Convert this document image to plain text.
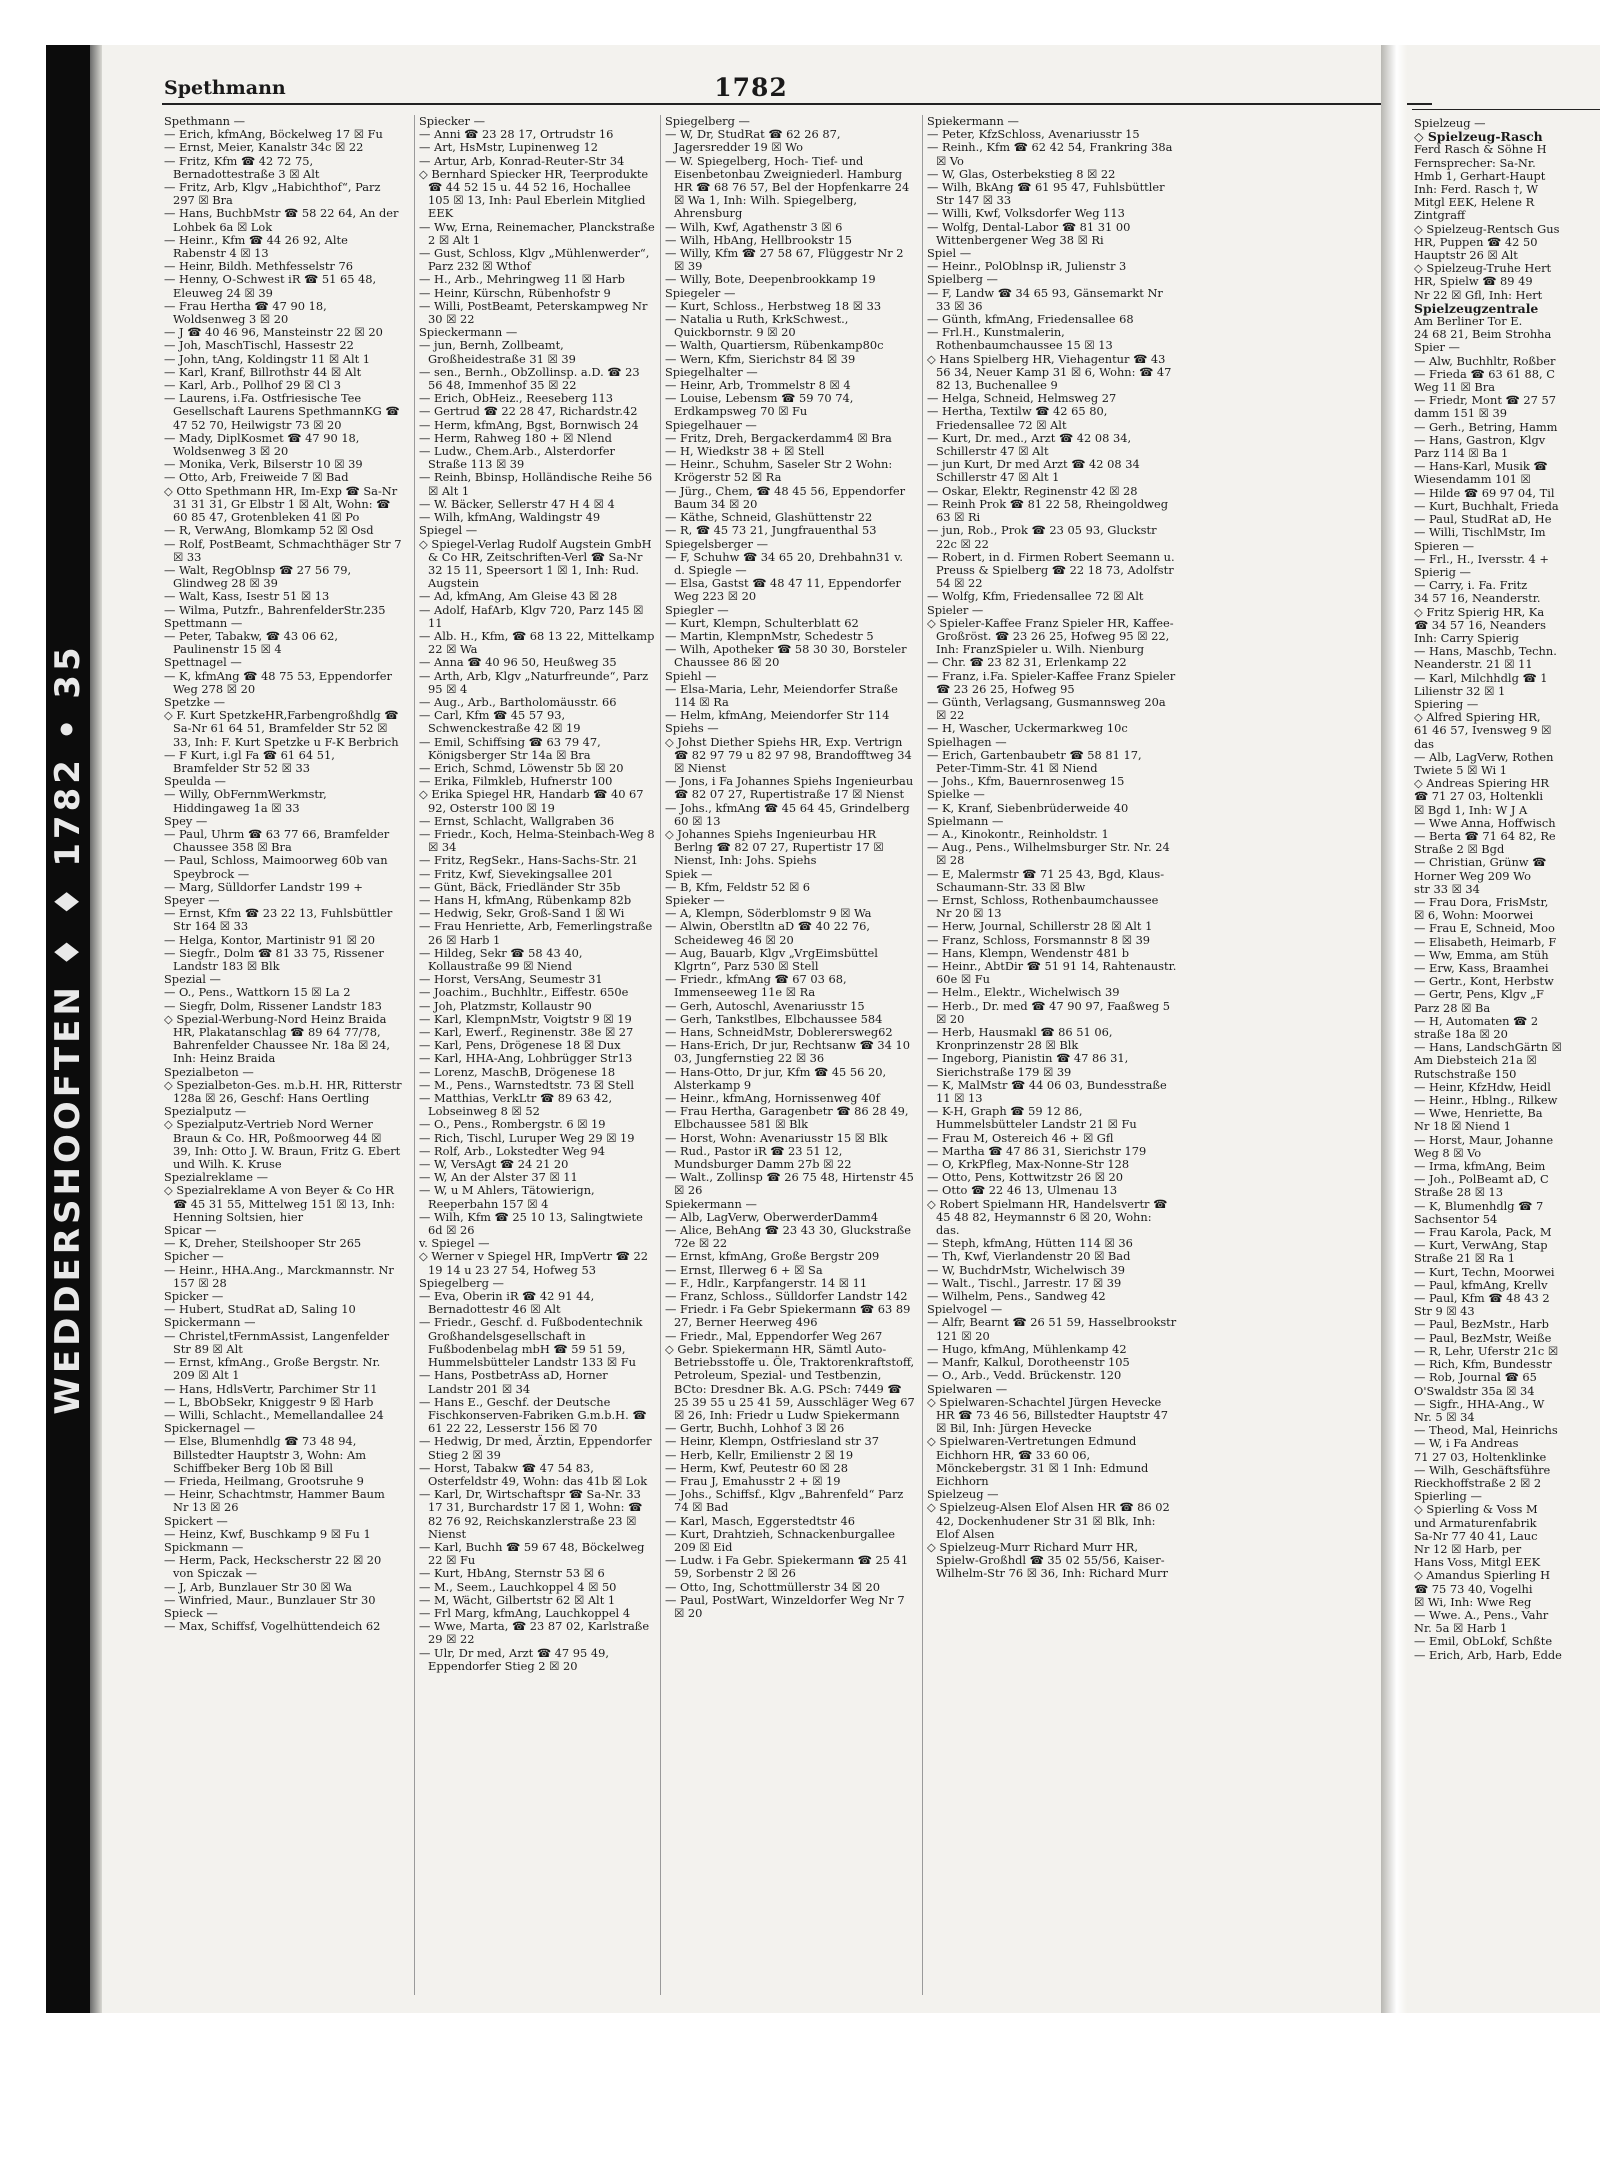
WEDDERSHOOFTEN ♦ ♦ 1782 • 35
Spethmann	1782

Spethmann —

— Erich, kfmAng, Böckelweg 17 ☒ Fu

— Ernst, Meier, Kanalstr 34c ☒ 22

— Fritz, Kfm ☎ 42 72 75, Bernadottestraße 3 ☒ Alt

— Fritz, Arb, Klgv „Habichthof“, Parz 297 ☒ Bra

— Hans, BuchbMstr ☎ 58 22 64, An der Lohbek 6a ☒ Lok

— Heinr., Kfm ☎ 44 26 92, Alte Rabenstr 4 ☒ 13

— Heinr, Bildh. Methfesselstr 76

— Henny, O-Schwest iR ☎ 51 65 48, Eleuweg 24 ☒ 39

— Frau Hertha ☎ 47 90 18, Woldsenweg 3 ☒ 20

— J ☎ 40 46 96, Mansteinstr 22 ☒ 20

— Joh, MaschTischl, Hassestr 22

— John, tAng, Koldingstr 11 ☒ Alt 1

— Karl, Kranf, Billrothstr 44 ☒ Alt

— Karl, Arb., Pollhof 29 ☒ Cl 3

— Laurens, i.Fa. Ostfriesische Tee Gesellschaft Laurens SpethmannKG ☎ 47 52 70, Heilwigstr 73 ☒ 20

— Mady, DiplKosmet ☎ 47 90 18, Woldsenweg 3 ☒ 20

— Monika, Verk, Bilserstr 10 ☒ 39

— Otto, Arb, Freiweide 7 ☒ Bad

◇ Otto Spethmann HR, Im-Exp ☎ Sa-Nr 31 31 31, Gr Elbstr 1 ☒ Alt, Wohn: ☎ 60 85 47, Grotenbleken 41 ☒ Po

— R, VerwAng, Blomkamp 52 ☒ Osd

— Rolf, PostBeamt, Schmachthäger Str 7 ☒ 33

— Walt, RegOblnsp ☎ 27 56 79, Glindweg 28 ☒ 39

— Walt, Kass, Isestr 51 ☒ 13

— Wilma, Putzfr., BahrenfelderStr.235

Spettmann —

— Peter, Tabakw, ☎ 43 06 62, Paulinenstr 15 ☒ 4

Spettnagel —

— K, kfmAng ☎ 48 75 53, Eppendorfer Weg 278 ☒ 20

Spetzke —

◇ F. Kurt SpetzkeHR,Farbengroßhdlg ☎ Sa-Nr 61 64 51, Bramfelder Str 52 ☒ 33, Inh: F. Kurt Spetzke u F-K Berbrich

— F Kurt, i.gl Fa ☎ 61 64 51, Bramfelder Str 52 ☒ 33

Speulda —

— Willy, ObFernmWerkmstr, Hiddingaweg 1a ☒ 33

Spey —

— Paul, Uhrm ☎ 63 77 66, Bramfelder Chaussee 358 ☒ Bra

— Paul, Schloss, Maimoorweg 60b van Speybrock —

— Marg, Sülldorfer Landstr 199 +

Speyer —

— Ernst, Kfm ☎ 23 22 13, Fuhlsbüttler Str 164 ☒ 33

— Helga, Kontor, Martinistr 91 ☒ 20

— Siegfr., Dolm ☎ 81 33 75, Rissener Landstr 183 ☒ Blk

Spezial —

— O., Pens., Wattkorn 15 ☒ La 2

— Siegfr, Dolm, Rissener Landstr 183

◇ Spezial-Werbung-Nord Heinz Braida HR, Plakatanschlag ☎ 89 64 77/78, Bahrenfelder Chaussee Nr. 18a ☒ 24, Inh: Heinz Braida

Spezialbeton —

◇ Spezialbeton-Ges. m.b.H. HR, Ritterstr 128a ☒ 26, Geschf: Hans Oertling

Spezialputz —

◇ Spezialputz-Vertrieb Nord Werner Braun & Co. HR, Poßmoorweg 44 ☒ 39, Inh: Otto J. W. Braun, Fritz G. Ebert und Wilh. K. Kruse

Spezialreklame —

◇ Spezialreklame A von Beyer & Co HR ☎ 45 31 55, Mittelweg 151 ☒ 13, Inh: Henning Soltsien, hier

Spicar —

— K, Dreher, Steilshooper Str 265

Spicher —

— Heinr., HHA.Ang., Marckmannstr. Nr 157 ☒ 28

Spicker —

— Hubert, StudRat aD, Saling 10

Spickermann —

— Christel,tFernmAssist, Langenfelder Str 89 ☒ Alt

— Ernst, kfmAng., Große Bergstr. Nr. 209 ☒ Alt 1

— Hans, HdlsVertr, Parchimer Str 11

— L, BbObSekr, Kniggestr 9 ☒ Harb

— Willi, Schlacht., Memellandallee 24

Spickernagel —

— Else, Blumenhdlg ☎ 73 48 94, Billstedter Hauptstr 3, Wohn: Am Schiffbeker Berg 10b ☒ Bill

— Frieda, Heilmang, Grootsruhe 9

— Heinr, Schachtmstr, Hammer Baum Nr 13 ☒ 26

Spickert —

— Heinz, Kwf, Buschkamp 9 ☒ Fu 1

Spickmann —

— Herm, Pack, Heckscherstr 22 ☒ 20 von Spiczak —

— J, Arb, Bunzlauer Str 30 ☒ Wa

— Winfried, Maur., Bunzlauer Str 30

Spieck —

— Max, Schiffsf, Vogelhüttendeich 62

Spiecker —

— Anni ☎ 23 28 17, Ortrudstr 16

— Art, HsMstr, Lupinenweg 12

— Artur, Arb, Konrad-Reuter-Str 34

◇ Bernhard Spiecker HR, Teerprodukte ☎ 44 52 15 u. 44 52 16, Hochallee 105 ☒ 13, Inh: Paul Eberlein Mitglied EEK

— Ww, Erna, Reinemacher, Planckstraße 2 ☒ Alt 1

— Gust, Schloss, Klgv „Mühlenwerder“, Parz 232 ☒ Wthof

— H., Arb., Mehringweg 11 ☒ Harb

— Heinr, Kürschn, Rübenhofstr 9

— Willi, PostBeamt, Peterskampweg Nr 30 ☒ 22

Spieckermann —

— jun, Bernh, Zollbeamt, Großheidestraße 31 ☒ 39

— sen., Bernh., ObZollinsp. a.D. ☎ 23 56 48, Immenhof 35 ☒ 22

— Erich, ObHeiz., Reeseberg 113

— Gertrud ☎ 22 28 47, Richardstr.42

— Herm, kfmAng, Bgst, Bornwisch 24

— Herm, Rahweg 180 + ☒ Nlend

— Ludw., Chem.Arb., Alsterdorfer Straße 113 ☒ 39

— Reinh, Bbinsp, Holländische Reihe 56 ☒ Alt 1

— W. Bäcker, Sellerstr 47 H 4 ☒ 4

— Wilh, kfmAng, Waldingstr 49

Spiegel —

◇ Spiegel-Verlag Rudolf Augstein GmbH & Co HR, Zeitschriften-Verl ☎ Sa-Nr 32 15 11, Speersort 1 ☒ 1, Inh: Rud. Augstein

— Ad, kfmAng, Am Gleise 43 ☒ 28

— Adolf, HafArb, Klgv 720, Parz 145 ☒ 11

— Alb. H., Kfm, ☎ 68 13 22, Mittelkamp 22 ☒ Wa

— Anna ☎ 40 96 50, Heußweg 35

— Arth, Arb, Klgv „Naturfreunde“, Parz 95 ☒ 4

— Aug., Arb., Bartholomäusstr. 66

— Carl, Kfm ☎ 45 57 93, Schwenckestraße 42 ☒ 19

— Emil, Schiffsing ☎ 63 79 47, Königsberger Str 14a ☒ Bra

— Erich, Schmd, Löwenstr 5b ☒ 20

— Erika, Filmkleb, Hufnerstr 100

◇ Erika Spiegel HR, Handarb ☎ 40 67 92, Osterstr 100 ☒ 19

— Ernst, Schlacht, Wallgraben 36

— Friedr., Koch, Helma-Steinbach-Weg 8 ☒ 34

— Fritz, RegSekr., Hans-Sachs-Str. 21

— Fritz, Kwf, Sievekingsallee 201

— Günt, Bäck, Friedländer Str 35b

— Hans H, kfmAng, Rübenkamp 82b

— Hedwig, Sekr, Groß-Sand 1 ☒ Wi

— Frau Henriette, Arb, Femerlingstraße 26 ☒ Harb 1

— Hildeg, Sekr ☎ 58 43 40, Kollaustraße 99 ☒ Niend

— Horst, VersAng, Seumestr 31

— Joachim., Buchhltr., Eiffestr. 650e

— Joh, Platzmstr, Kollaustr 90

— Karl, KlempnMstr, Voigtstr 9 ☒ 19

— Karl, Ewerf., Reginenstr. 38e ☒ 27

— Karl, Pens, Drögenese 18 ☒ Dux

— Karl, HHA-Ang, Lohbrügger Str13

— Lorenz, MaschB, Drögenese 18

— M., Pens., Warnstedtstr. 73 ☒ Stell

— Matthias, VerkLtr ☎ 89 63 42, Lobseinweg 8 ☒ 52

— O., Pens., Rombergstr. 6 ☒ 19

— Rich, Tischl, Luruper Weg 29 ☒ 19

— Rolf, Arb., Lokstedter Weg 94

— W, VersAgt ☎ 24 21 20

— W, An der Alster 37 ☒ 11

— W, u M Ahlers, Tätowierign, Reeperbahn 157 ☒ 4

— Wilh, Kfm ☎ 25 10 13, Salingtwiete 6d ☒ 26

v. Spiegel —

◇ Werner v Spiegel HR, ImpVertr ☎ 22 19 14 u 23 27 54, Hofweg 53

Spiegelberg —

— Eva, Oberin iR ☎ 42 91 44, Bernadottestr 46 ☒ Alt

— Friedr., Geschf. d. Fußbodentechnik Großhandelsgesellschaft in Fußbodenbelag mbH ☎ 59 51 59, Hummelsbütteler Landstr 133 ☒ Fu

— Hans, PostbetrAss aD, Horner Landstr 201 ☒ 34

— Hans E., Geschf. der Deutsche Fischkonserven-Fabriken G.m.b.H. ☎ 61 22 22, Lesserstr 156 ☒ 70

— Hedwig, Dr med, Ärztin, Eppendorfer Stieg 2 ☒ 39

— Horst, Tabakw ☎ 47 54 83, Osterfeldstr 49, Wohn: das 41b ☒ Lok

— Karl, Dr, Wirtschaftspr ☎ Sa-Nr. 33 17 31, Burchardstr 17 ☒ 1, Wohn: ☎ 82 76 92, Reichskanzlerstraße 23 ☒ Nienst

— Karl, Buchh ☎ 59 67 48, Böckelweg 22 ☒ Fu

— Kurt, HbAng, Sternstr 53 ☒ 6

— M., Seem., Lauchkoppel 4 ☒ 50

— M, Wächt, Gilbertstr 62 ☒ Alt 1

— Frl Marg, kfmAng, Lauchkoppel 4

— Wwe, Marta, ☎ 23 87 02, Karlstraße 29 ☒ 22

— Ulr, Dr med, Arzt ☎ 47 95 49, Eppendorfer Stieg 2 ☒ 20

Spiegelberg —

— W, Dr, StudRat ☎ 62 26 87, Jagersredder 19 ☒ Wo

— W. Spiegelberg, Hoch- Tief- und Eisenbetonbau Zweigniederl. Hamburg HR ☎ 68 76 57, Bel der Hopfenkarre 24 ☒ Wa 1, Inh: Wilh. Spiegelberg, Ahrensburg

— Wilh, Kwf, Agathenstr 3 ☒ 6

— Wilh, HbAng, Hellbrookstr 15

— Willy, Kfm ☎ 27 58 67, Flüggestr Nr 2 ☒ 39

— Willy, Bote, Deepenbrookkamp 19

Spiegeler —

— Kurt, Schloss., Herbstweg 18 ☒ 33

— Natalia u Ruth, KrkSchwest., Quickbornstr. 9 ☒ 20

— Walth, Quartiersm, Rübenkamp80c

— Wern, Kfm, Sierichstr 84 ☒ 39

Spiegelhalter —

— Heinr, Arb, Trommelstr 8 ☒ 4

— Louise, Lebensm ☎ 59 70 74, Erdkampsweg 70 ☒ Fu

Spiegelhauer —

— Fritz, Dreh, Bergackerdamm4 ☒ Bra

— H, Wiedkstr 38 + ☒ Stell

— Heinr., Schuhm, Saseler Str 2 Wohn: Krögerstr 52 ☒ Ra

— Jürg., Chem, ☎ 48 45 56, Eppendorfer Baum 34 ☒ 20

— Käthe, Schneid, Glashüttenstr 22

— R, ☎ 45 73 21, Jungfrauenthal 53

Spiegelsberger —

— F, Schuhw ☎ 34 65 20, Drehbahn31 v. d. Spiegle —

— Elsa, Gastst ☎ 48 47 11, Eppendorfer Weg 223 ☒ 20

Spiegler —

— Kurt, Klempn, Schulterblatt 62

— Martin, KlempnMstr, Schedestr 5

— Wilh, Apotheker ☎ 58 30 30, Borsteler Chaussee 86 ☒ 20

Spiehl —

— Elsa-Maria, Lehr, Meiendorfer Straße 114 ☒ Ra

— Helm, kfmAng, Meiendorfer Str 114

Spiehs —

◇ Johst Diether Spiehs HR, Exp. Vertrign ☎ 82 97 79 u 82 97 98, Brandofftweg 34 ☒ Nienst

— Jons, i Fa Johannes Spiehs Ingenieurbau ☎ 82 07 27, Rupertistraße 17 ☒ Nienst

— Johs., kfmAng ☎ 45 64 45, Grindelberg 60 ☒ 13

◇ Johannes Spiehs Ingenieurbau HR Berlng ☎ 82 07 27, Rupertistr 17 ☒ Nienst, Inh: Johs. Spiehs

Spiek —

— B, Kfm, Feldstr 52 ☒ 6

Spieker —

— A, Klempn, Söderblomstr 9 ☒ Wa

— Alwin, Oberstltn aD ☎ 40 22 76, Scheideweg 46 ☒ 20

— Aug, Bauarb, Klgv „VrgEimsbüttel Klgrtn“, Parz 530 ☒ Stell

— Friedr., kfmAng ☎ 67 03 68, Immenseeweg 11e ☒ Ra

— Gerh, Autoschl, Avenariusstr 15

— Gerh, Tankstlbes, Elbchaussee 584

— Hans, SchneidMstr, Doblerersweg62

— Hans-Erich, Dr jur, Rechtsanw ☎ 34 10 03, Jungfernstieg 22 ☒ 36

— Hans-Otto, Dr jur, Kfm ☎ 45 56 20, Alsterkamp 9

— Heinr., kfmAng, Hornissenweg 40f

— Frau Hertha, Garagenbetr ☎ 86 28 49, Elbchaussee 581 ☒ Blk

— Horst, Wohn: Avenariusstr 15 ☒ Blk

— Rud., Pastor iR ☎ 23 51 12, Mundsburger Damm 27b ☒ 22

— Walt., Zollinsp ☎ 26 75 48, Hirtenstr 45 ☒ 26

Spiekermann —

— Alb, LagVerw, OberwerderDamm4

— Alice, BehAng ☎ 23 43 30, Gluckstraße 72e ☒ 22

— Ernst, kfmAng, Große Bergstr 209

— Ernst, Illerweg 6 + ☒ Sa

— F., Hdlr., Karpfangerstr. 14 ☒ 11

— Franz, Schloss., Sülldorfer Landstr 142

— Friedr. i Fa Gebr Spiekermann ☎ 63 89 27, Berner Heerweg 496

— Friedr., Mal, Eppendorfer Weg 267

◇ Gebr. Spiekermann HR, Sämtl Auto-Betriebsstoffe u. Öle, Traktorenkraftstoff, Petroleum, Spezial- und Testbenzin, BCto: Dresdner Bk. A.G. PSch: 7449 ☎ 25 39 55 u 25 41 59, Ausschläger Weg 67 ☒ 26, Inh: Friedr u Ludw Spiekermann

— Gertr, Buchh, Lohhof 3 ☒ 26

— Heinr, Klempn, Ostfriesland str 37

— Herb, Kellr, Emilienstr 2 ☒ 19

— Herm, Kwf, Peutestr 60 ☒ 28

— Frau J, Emahusstr 2 + ☒ 19

— Johs., Schiffsf., Klgv „Bahrenfeld“ Parz 74 ☒ Bad

— Karl, Masch, Eggerstedtstr 46

— Kurt, Drahtzieh, Schnackenburgallee 209 ☒ Eid

— Ludw. i Fa Gebr. Spiekermann ☎ 25 41 59, Sorbenstr 2 ☒ 26

— Otto, Ing, Schottmüllerstr 34 ☒ 20

— Paul, PostWart, Winzeldorfer Weg Nr 7 ☒ 20

Spiekermann —

— Peter, KfzSchloss, Avenariusstr 15

— Reinh., Kfm ☎ 62 42 54, Frankring 38a ☒ Vo

— W, Glas, Osterbekstieg 8 ☒ 22

— Wilh, BkAng ☎ 61 95 47, Fuhlsbüttler Str 147 ☒ 33

— Willi, Kwf, Volksdorfer Weg 113

— Wolfg, Dental-Labor ☎ 81 31 00 Wittenbergener Weg 38 ☒ Ri

Spiel —

— Heinr., PolOblnsp iR, Julienstr 3

Spielberg —

— F, Landw ☎ 34 65 93, Gänsemarkt Nr 33 ☒ 36

— Günth, kfmAng, Friedensallee 68

— Frl.H., Kunstmalerin, Rothenbaumchaussee 15 ☒ 13

◇ Hans Spielberg HR, Viehagentur ☎ 43 56 34, Neuer Kamp 31 ☒ 6, Wohn: ☎ 47 82 13, Buchenallee 9

— Helga, Schneid, Helmsweg 27

— Hertha, Textilw ☎ 42 65 80, Friedensallee 72 ☒ Alt

— Kurt, Dr. med., Arzt ☎ 42 08 34, Schillerstr 47 ☒ Alt

— jun Kurt, Dr med Arzt ☎ 42 08 34 Schillerstr 47 ☒ Alt 1

— Oskar, Elektr, Reginenstr 42 ☒ 28

— Reinh Prok ☎ 81 22 58, Rheingoldweg 63 ☒ Ri

— jun, Rob., Prok ☎ 23 05 93, Gluckstr 22c ☒ 22

— Robert, in d. Firmen Robert Seemann u. Preuss & Spielberg ☎ 22 18 73, Adolfstr 54 ☒ 22

— Wolfg, Kfm, Friedensallee 72 ☒ Alt

Spieler —

◇ Spieler-Kaffee Franz Spieler HR, Kaffee-Großröst. ☎ 23 26 25, Hofweg 95 ☒ 22, Inh: FranzSpieler u. Wilh. Nienburg

— Chr. ☎ 23 82 31, Erlenkamp 22

— Franz, i.Fa. Spieler-Kaffee Franz Spieler ☎ 23 26 25, Hofweg 95

— Günth, Verlagsang, Gusmannsweg 20a ☒ 22

— H, Wascher, Uckermarkweg 10c

Spielhagen —

— Erich, Gartenbaubetr ☎ 58 81 17, Peter-Timm-Str. 41 ☒ Niend

— Johs., Kfm, Bauernrosenweg 15

Spielke —

— K, Kranf, Siebenbrüderweide 40

Spielmann —

— A., Kinokontr., Reinholdstr. 1

— Aug., Pens., Wilhelmsburger Str. Nr. 24 ☒ 28

— E, Malermstr ☎ 71 25 43, Bgd, Klaus-Schaumann-Str. 33 ☒ Blw

— Ernst, Schloss, Rothenbaumchaussee Nr 20 ☒ 13

— Herw, Journal, Schillerstr 28 ☒ Alt 1

— Franz, Schloss, Forsmannstr 8 ☒ 39

— Hans, Klempn, Wendenstr 481 b

— Heinr., AbtDir ☎ 51 91 14, Rahtenaustr. 60e ☒ Fu

— Helm., Elektr., Wichelwisch 39

— Herb., Dr. med ☎ 47 90 97, Faaßweg 5 ☒ 20

— Herb, Hausmakl ☎ 86 51 06, Kronprinzenstr 28 ☒ Blk

— Ingeborg, Pianistin ☎ 47 86 31, Sierichstraße 179 ☒ 39

— K, MalMstr ☎ 44 06 03, Bundesstraße 11 ☒ 13

— K-H, Graph ☎ 59 12 86, Hummelsbütteler Landstr 21 ☒ Fu

— Frau M, Ostereich 46 + ☒ Gfl

— Martha ☎ 47 86 31, Sierichstr 179

— O, KrkPfleg, Max-Nonne-Str 128

— Otto, Pens, Kottwitzstr 26 ☒ 20

— Otto ☎ 22 46 13, Ulmenau 13

◇ Robert Spielmann HR, Handelsvertr ☎ 45 48 82, Heymannstr 6 ☒ 20, Wohn: das.

— Steph, kfmAng, Hütten 114 ☒ 36

— Th, Kwf, Vierlandenstr 20 ☒ Bad

— W, BuchdrMstr, Wichelwisch 39

— Walt., Tischl., Jarrestr. 17 ☒ 39

— Wilhelm, Pens., Sandweg 42

Spielvogel —

— Alfr, Bearnt ☎ 26 51 59, Hasselbrookstr 121 ☒ 20

— Hugo, kfmAng, Mühlenkamp 42

— Manfr, Kalkul, Dorotheenstr 105

— O., Arb., Vedd. Brückenstr. 120

Spielwaren —

◇ Spielwaren-Schachtel Jürgen Hevecke HR ☎ 73 46 56, Billstedter Hauptstr 47 ☒ Bil, Inh: Jürgen Hevecke

◇ Spielwaren-Vertretungen Edmund Eichhorn HR, ☎ 33 60 06, Mönckebergstr. 31 ☒ 1 Inh: Edmund Eichhorn

Spielzeug —

◇ Spielzeug-Alsen Elof Alsen HR ☎ 86 02 42, Dockenhudener Str 31 ☒ Blk, Inh: Elof Alsen

◇ Spielzeug-Murr Richard Murr HR, Spielw-Großhdl ☎ 35 02 55/56, Kaiser-Wilhelm-Str 76 ☒ 36, Inh: Richard Murr

Spielzeug —

◇ Spielzeug-Rasch

Ferd Rasch & Söhne H

Fernsprecher: Sa-Nr.

Hmb 1, Gerhart-Haupt

Inh: Ferd. Rasch †, W

Mitgl EEK, Helene R

Zintgraff

◇ Spielzeug-Rentsch Gus

HR, Puppen ☎ 42 50

Hauptstr 26 ☒ Alt

◇ Spielzeug-Truhe Hert

HR, Spielw ☎ 89 49

Nr 22 ☒ Gfl, Inh: Hert

Spielzeugzentrale

Am Berliner Tor E.

24 68 21, Beim Strohha

Spier —

— Alw, Buchhltr, Roßber

— Frieda ☎ 63 61 88, C

Weg 11 ☒ Bra

— Friedr, Mont ☎ 27 57

damm 151 ☒ 39

— Gerh., Betring, Hamm

— Hans, Gastron, Klgv

Parz 114 ☒ Ba 1

— Hans-Karl, Musik ☎

Wiesendamm 101 ☒

— Hilde ☎ 69 97 04, Til

— Kurt, Buchhalt, Frieda

— Paul, StudRat aD, He

— Willi, TischlMstr, Im

Spieren —

— Frl., H., Iversstr. 4 +

Spierig —

— Carry, i. Fa. Fritz

34 57 16, Neanderstr.

◇ Fritz Spierig HR, Ka

☎ 34 57 16, Neanders

Inh: Carry Spierig

— Hans, Maschb, Techn.

Neanderstr. 21 ☒ 11

— Karl, Milchhdlg ☎ 1

Lilienstr 32 ☒ 1

Spiering —

◇ Alfred Spiering HR,

61 46 57, Ivensweg 9 ☒

das

— Alb, LagVerw, Rothen

Twiete 5 ☒ Wi 1

◇ Andreas Spiering HR

☎ 71 27 03, Holtenkli

☒ Bgd 1, Inh: W J A

— Wwe Anna, Hoffwisch

— Berta ☎ 71 64 82, Re

Straße 2 ☒ Bgd

— Christian, Grünw ☎

Horner Weg 209 Wo

str 33 ☒ 34

— Frau Dora, FrisMstr,

☒ 6, Wohn: Moorwei

— Frau E, Schneid, Moo

— Elisabeth, Heimarb, F

— Ww, Emma, am Stüh

— Erw, Kass, Braamhei

— Gertr., Kont, Herbstw

— Gertr, Pens, Klgv „F

Parz 28 ☒ Ba

— H, Automaten ☎ 2

straße 18a ☒ 20

— Hans, LandschGärtn ☒

Am Diebsteich 21a ☒

Rutschstraße 150

— Heinr, KfzHdw, Heidl

— Heinr., Hblng., Rilkew

— Wwe, Henriette, Ba

Nr 18 ☒ Niend 1

— Horst, Maur, Johanne

Weg 8 ☒ Vo

— Irma, kfmAng, Beim

— Joh., PolBeamt aD, C

Straße 28 ☒ 13

— K, Blumenhdlg ☎ 7

Sachsentor 54

— Frau Karola, Pack, M

— Kurt, VerwAng, Stap

Straße 21 ☒ Ra 1

— Kurt, Techn, Moorwei

— Paul, kfmAng, Krellv

— Paul, Kfm ☎ 48 43 2

Str 9 ☒ 43

— Paul, BezMstr., Harb

— Paul, BezMstr, Weiße

— R, Lehr, Uferstr 21c ☒

— Rich, Kfm, Bundesstr

— Rob, Journal ☎ 65

O'Swaldstr 35a ☒ 34

— Sigfr., HHA-Ang., W

Nr. 5 ☒ 34

— Theod, Mal, Heinrichs

— W, i Fa Andreas

71 27 03, Holtenklinke

— Wilh, Geschäftsführe

Rieckhoffstraße 2 ☒ 2

Spierling —

◇ Spierling & Voss M

und Armaturenfabrik

Sa-Nr 77 40 41, Lauc

Nr 12 ☒ Harb, per

Hans Voss, Mitgl EEK

◇ Amandus Spierling H

☎ 75 73 40, Vogelhi

☒ Wi, Inh: Wwe Reg

— Wwe. A., Pens., Vahr

Nr. 5a ☒ Harb 1

— Emil, ObLokf, Schßte

— Erich, Arb, Harb, Edde
